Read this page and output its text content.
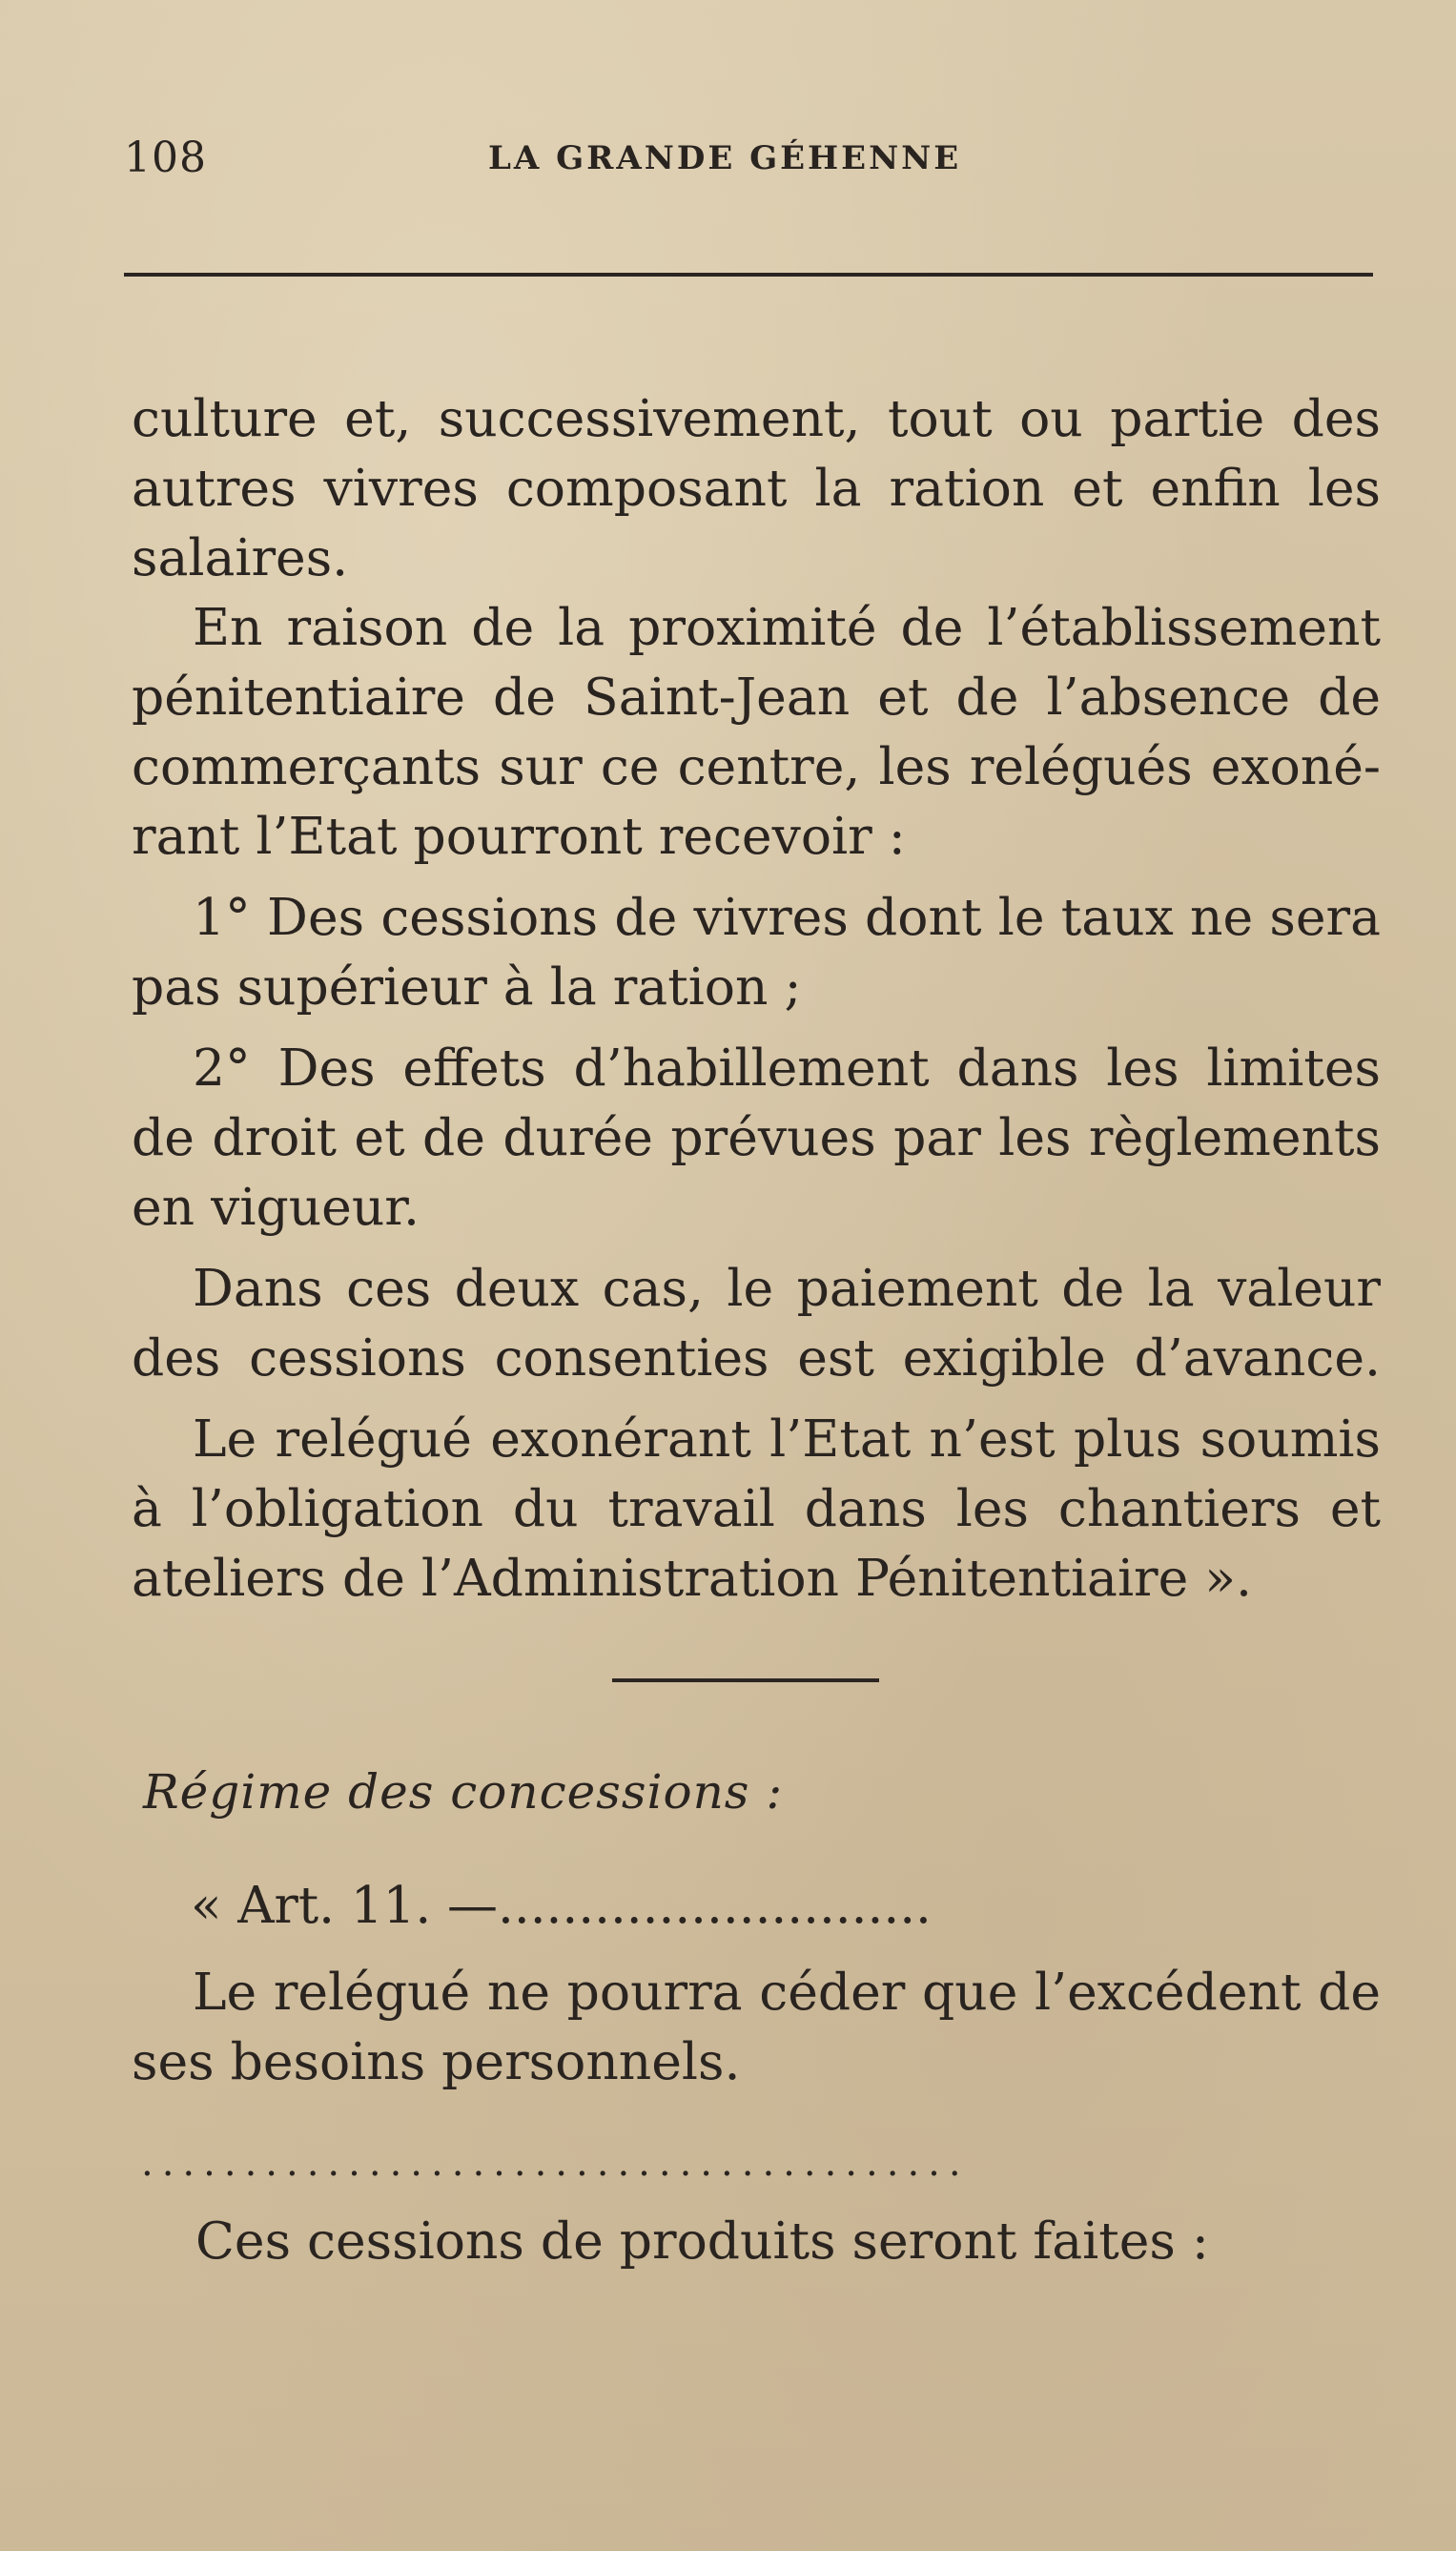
108	LA GRANDE GÉHENNE

culture et, successivement, tout ou partie des

autres vivres composant la ration et enfin les

salaires.

En raison de la proximité de l’établissement

pénitentiaire de Saint-Jean et de l’absence de

commerçants sur ce centre, les relégués exoné-

rant l’Etat pourront recevoir :

1° Des cessions de vivres dont le taux ne sera

pas supérieur à la ration ;

2° Des effets d’habillement dans les limites

de droit et de durée prévues par les règlements

en vigueur.

Dans ces deux cas, le paiement de la valeur

des cessions consenties est exigible d’avance.

Le relégué exonérant l’Etat n’est plus soumis

à l’obligation du travail dans les chantiers et

ateliers de l’Administration Pénitentiaire ».

Régime des concessions :
« Art. 11. —...........................

Le relégué ne pourra céder que l’excédent de

ses besoins personnels.

........................................
Ces cessions de produits seront faites :
